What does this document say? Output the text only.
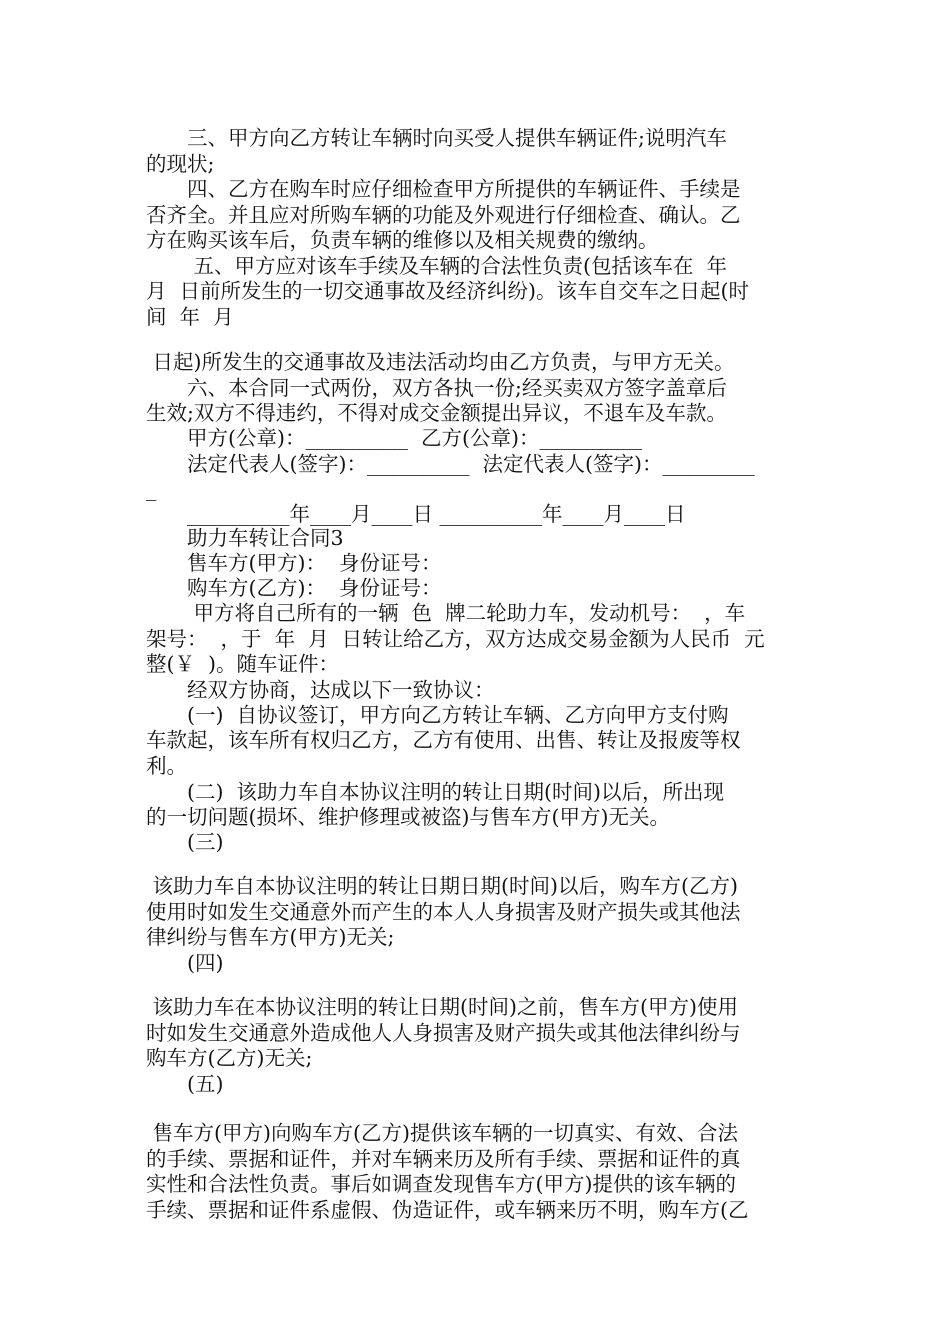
　　三、甲方向乙方转让车辆时向买受人提供车辆证件;说明汽车
的现状;
　　四、乙方在购车时应仔细检查甲方所提供的车辆证件、手续是
否齐全。并且应对所购车辆的功能及外观进行仔细检查、确认。乙
方在购买该车后，负责车辆的维修以及相关规费的缴纳。
　　 五、甲方应对该车手续及车辆的合法性负责(包括该车在  年
月  日前所发生的一切交通事故及经济纠纷)。该车自交车之日起(时
间  年  月
日起)所发生的交通事故及违法活动均由乙方负责，与甲方无关。
　　六、本合同一式两份，双方各执一份;经买卖双方签字盖章后
生效;双方不得违约，不得对成交金额提出异议，不退车及车款。
　　甲方(公章)：__________  乙方(公章)：__________
　　法定代表人(签字)：__________  法定代表人(签字)：_________
_
　　__________年____月____日 __________年____月____日
　　助力车转让合同3
　　售车方(甲方)：  身份证号：
　　购车方(乙方)：  身份证号：
　　 甲方将自己所有的一辆  色  牌二轮助力车，发动机号：  ，车
架号：  ，于  年  月  日转让给乙方，双方达成交易金额为人民币  元
整(￥  )。随车证件：
　　经双方协商，达成以下一致协议：
　　(一)  自协议签订，甲方向乙方转让车辆、乙方向甲方支付购
车款起，该车所有权归乙方，乙方有使用、出售、转让及报废等权
利。
　　(二)  该助力车自本协议注明的转让日期(时间)以后，所出现
的一切问题(损坏、维护修理或被盗)与售车方(甲方)无关。
　　(三)
该助力车自本协议注明的转让日期日期(时间)以后，购车方(乙方)
使用时如发生交通意外而产生的本人人身损害及财产损失或其他法
律纠纷与售车方(甲方)无关;
　　(四)
该助力车在本协议注明的转让日期(时间)之前，售车方(甲方)使用
时如发生交通意外造成他人人身损害及财产损失或其他法律纠纷与
购车方(乙方)无关;
　　(五)
售车方(甲方)向购车方(乙方)提供该车辆的一切真实、有效、合法
的手续、票据和证件，并对车辆来历及所有手续、票据和证件的真
实性和合法性负责。事后如调查发现售车方(甲方)提供的该车辆的
手续、票据和证件系虚假、伪造证件，或车辆来历不明，购车方(乙
